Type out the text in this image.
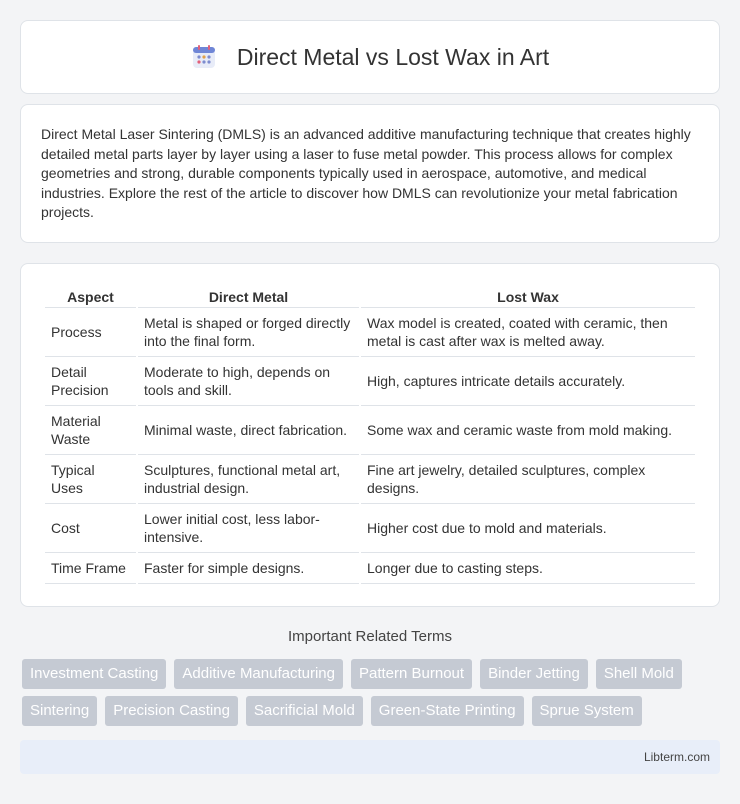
Direct Metal vs Lost Wax in Art

Direct Metal Laser Sintering (DMLS) is an advanced additive manufacturing technique that creates highly detailed metal parts layer by layer using a laser to fuse metal powder. This process allows for complex geometries and strong, durable components typically used in aerospace, automotive, and medical industries. Explore the rest of the article to discover how DMLS can revolutionize your metal fabrication projects.

Aspect	Direct Metal	Lost Wax
Process	Metal is shaped or forged directly into the final form.	Wax model is created, coated with ceramic, then metal is cast after wax is melted away.
Detail Precision	Moderate to high, depends on tools and skill.	High, captures intricate details accurately.
Material Waste	Minimal waste, direct fabrication.	Some wax and ceramic waste from mold making.
Typical Uses	Sculptures, functional metal art, industrial design.	Fine art jewelry, detailed sculptures, complex designs.
Cost	Lower initial cost, less labor-intensive.	Higher cost due to mold and materials.
Time Frame	Faster for simple designs.	Longer due to casting steps.
Important Related Terms
Investment Casting	Additive Manufacturing	Pattern Burnout	Binder Jetting	Shell Mold
Sintering	Precision Casting	Sacrificial Mold	Green-State Printing	Sprue System
Libterm.com
